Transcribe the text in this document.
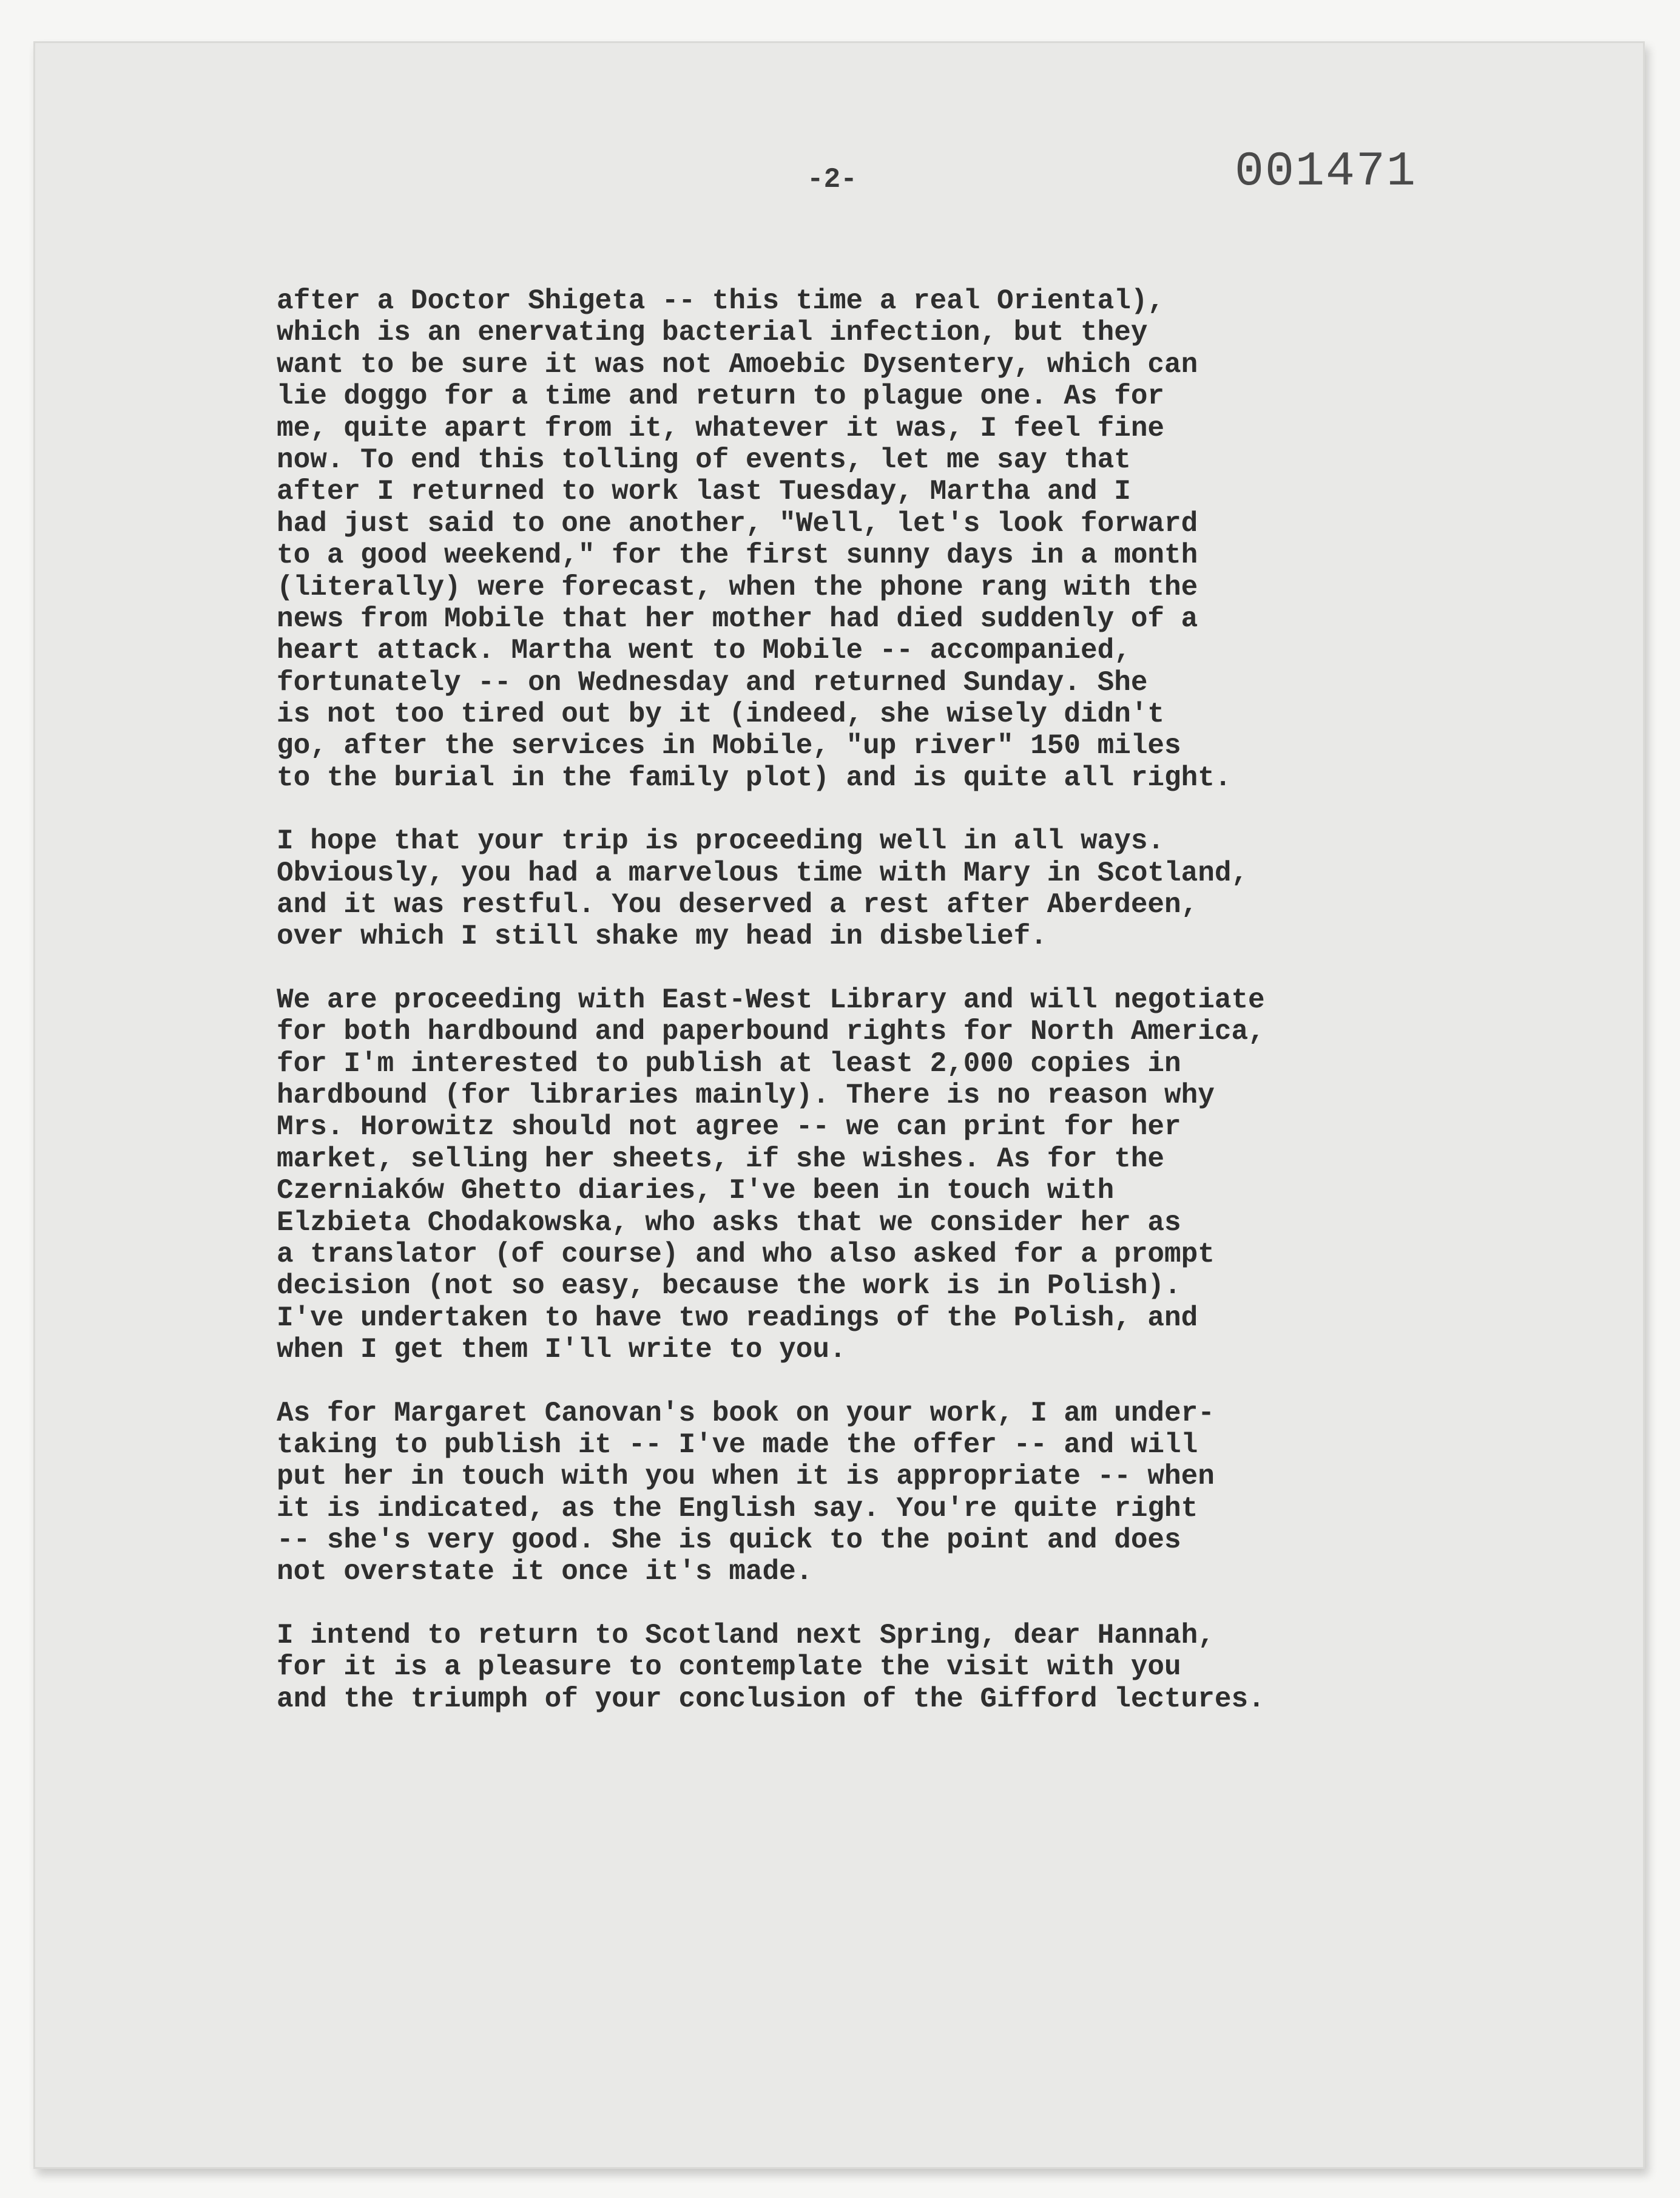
-2-	001471

after a Doctor Shigeta -- this time a real Oriental),
which is an enervating bacterial infection, but they
want to be sure it was not Amoebic Dysentery, which can
lie doggo for a time and return to plague one. As for
me, quite apart from it, whatever it was, I feel fine
now. To end this tolling of events, let me say that
after I returned to work last Tuesday, Martha and I
had just said to one another, "Well, let's look forward
to a good weekend," for the first sunny days in a month
(literally) were forecast, when the phone rang with the
news from Mobile that her mother had died suddenly of a
heart attack. Martha went to Mobile -- accompanied,
fortunately -- on Wednesday and returned Sunday. She
is not too tired out by it (indeed, she wisely didn't
go, after the services in Mobile, "up river" 150 miles
to the burial in the family plot) and is quite all right.
I hope that your trip is proceeding well in all ways.
Obviously, you had a marvelous time with Mary in Scotland,
and it was restful. You deserved a rest after Aberdeen,
over which I still shake my head in disbelief.
We are proceeding with East-West Library and will negotiate
for both hardbound and paperbound rights for North America,
for I'm interested to publish at least 2,000 copies in
hardbound (for libraries mainly). There is no reason why
Mrs. Horowitz should not agree -- we can print for her
market, selling her sheets, if she wishes. As for the
Czerniaków Ghetto diaries, I've been in touch with
Elzbieta Chodakowska, who asks that we consider her as
a translator (of course) and who also asked for a prompt
decision (not so easy, because the work is in Polish).
I've undertaken to have two readings of the Polish, and
when I get them I'll write to you.
As for Margaret Canovan's book on your work, I am under-
taking to publish it -- I've made the offer -- and will
put her in touch with you when it is appropriate -- when
it is indicated, as the English say. You're quite right
-- she's very good. She is quick to the point and does
not overstate it once it's made.
I intend to return to Scotland next Spring, dear Hannah,
for it is a pleasure to contemplate the visit with you
and the triumph of your conclusion of the Gifford lectures.
